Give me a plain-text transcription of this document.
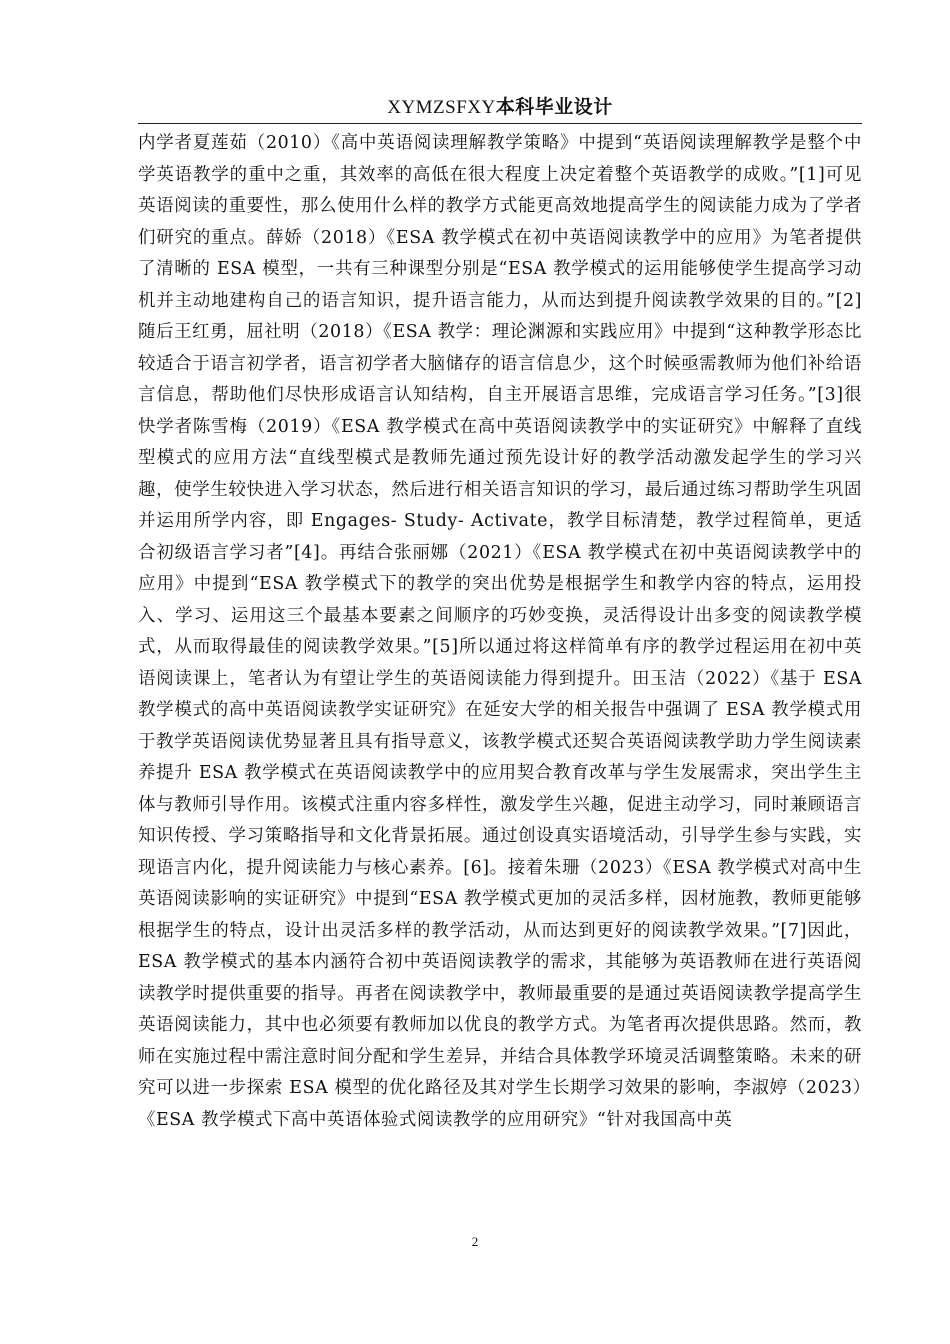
XYMZSFXY本科毕业设计

内学者夏莲茹（2010）《高中英语阅读理解教学策略》中提到“英语阅读理解教学是整个中学英语教学的重中之重，其效率的高低在很大程度上决定着整个英语教学的成败。”[1]可见英语阅读的重要性，那么使用什么样的教学方式能更高效地提高学生的阅读能力成为了学者们研究的重点。薛娇（2018）《ESA 教学模式在初中英语阅读教学中的应用》为笔者提供了清晰的 ESA 模型，一共有三种课型分别是“ESA 教学模式的运用能够使学生提高学习动机并主动地建构自己的语言知识，提升语言能力，从而达到提升阅读教学效果的目的。”[2]随后王红勇，屈社明（2018）《ESA 教学：理论渊源和实践应用》中提到“这种教学形态比较适合于语言初学者，语言初学者大脑储存的语言信息少，这个时候亟需教师为他们补给语言信息，帮助他们尽快形成语言认知结构，自主开展语言思维，完成语言学习任务。”[3]很快学者陈雪梅（2019）《ESA 教学模式在高中英语阅读教学中的实证研究》中解释了直线型模式的应用方法“直线型模式是教师先通过预先设计好的教学活动激发起学生的学习兴趣，使学生较快进入学习状态，然后进行相关语言知识的学习，最后通过练习帮助学生巩固并运用所学内容，即 Engages- Study- Activate，教学目标清楚，教学过程简单，更适合初级语言学习者”[4]。再结合张丽娜（2021）《ESA 教学模式在初中英语阅读教学中的应用》中提到“ESA 教学模式下的教学的突出优势是根据学生和教学内容的特点，运用投入、学习、运用这三个最基本要素之间顺序的巧妙变换，灵活得设计出多变的阅读教学模式，从而取得最佳的阅读教学效果。”[5]所以通过将这样简单有序的教学过程运用在初中英语阅读课上，笔者认为有望让学生的英语阅读能力得到提升。田玉洁（2022）《基于 ESA 教学模式的高中英语阅读教学实证研究》在延安大学的相关报告中强调了 ESA 教学模式用于教学英语阅读优势显著且具有指导意义，该教学模式还契合英语阅读教学助力学生阅读素养提升 ESA 教学模式在英语阅读教学中的应用契合教育改革与学生发展需求，突出学生主体与教师引导作用。该模式注重内容多样性，激发学生兴趣，促进主动学习，同时兼顾语言知识传授、学习策略指导和文化背景拓展。通过创设真实语境活动，引导学生参与实践，实现语言内化，提升阅读能力与核心素养。[6]。接着朱珊（2023）《ESA 教学模式对高中生英语阅读影响的实证研究》中提到“ESA 教学模式更加的灵活多样，因材施教，教师更能够根据学生的特点，设计出灵活多样的教学活动，从而达到更好的阅读教学效果。”[7]因此，ESA 教学模式的基本内涵符合初中英语阅读教学的需求，其能够为英语教师在进行英语阅读教学时提供重要的指导。再者在阅读教学中，教师最重要的是通过英语阅读教学提高学生英语阅读能力，其中也必须要有教师加以优良的教学方式。为笔者再次提供思路。然而，教师在实施过程中需注意时间分配和学生差异，并结合具体教学环境灵活调整策略。未来的研究可以进一步探索 ESA 模型的优化路径及其对学生长期学习效果的影响，李淑婷（2023）《ESA 教学模式下高中英语体验式阅读教学的应用研究》“针对我国高中英

2
